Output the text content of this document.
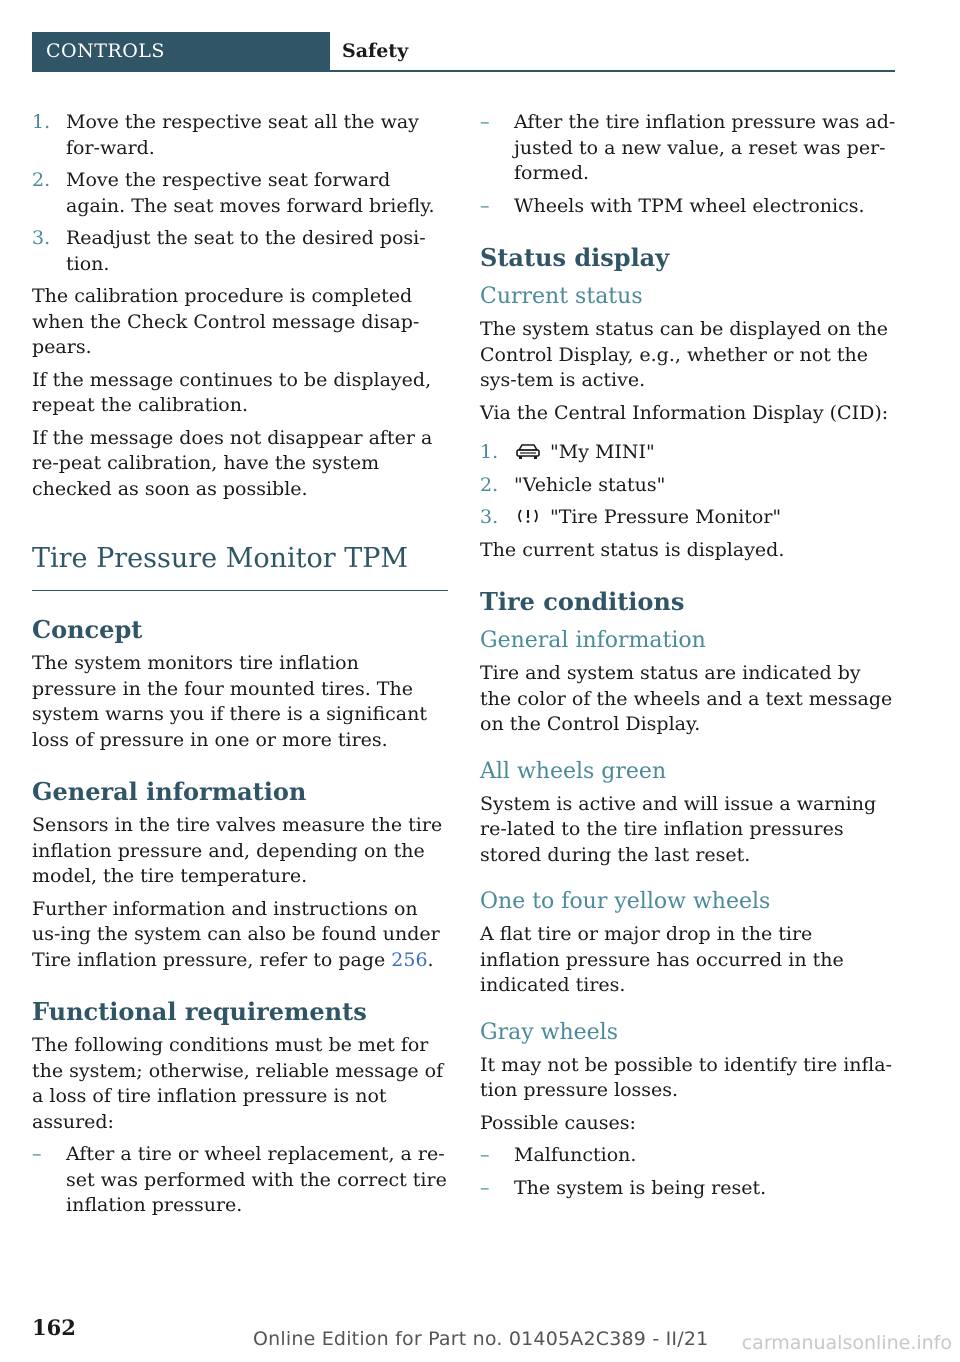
CONTROLS	Safety
1. Move the respective seat all the way for‐ward.
2. Move the respective seat forward again. The seat moves forward briefly.
3. Readjust the seat to the desired posi‐tion.

The calibration procedure is completed when the Check Control message disap‐pears.

If the message continues to be displayed, repeat the calibration.

If the message does not disappear after a re‐peat calibration, have the system checked as soon as possible.

Tire Pressure Monitor TPM
Concept

The system monitors tire inflation pressure in the four mounted tires. The system warns you if there is a significant loss of pressure in one or more tires.

General information

Sensors in the tire valves measure the tire inflation pressure and, depending on the model, the tire temperature.

Further information and instructions on us‐ing the system can also be found under Tire inflation pressure, refer to page 256.

Functional requirements

The following conditions must be met for the system; otherwise, reliable message of a loss of tire inflation pressure is not assured:

– After a tire or wheel replacement, a re‐set was performed with the correct tire inflation pressure.
– After the tire inflation pressure was ad‐justed to a new value, a reset was per‐formed.
– Wheels with TPM wheel electronics.
Status display
Current status

The system status can be displayed on the Control Display, e.g., whether or not the sys‐tem is active.

Via the Central Information Display (CID):

1.	"My MINI"
2. "Vehicle status"
3.	"Tire Pressure Monitor"

The current status is displayed.

Tire conditions
General information

Tire and system status are indicated by the color of the wheels and a text message on the Control Display.

All wheels green

System is active and will issue a warning re‐lated to the tire inflation pressures stored during the last reset.

One to four yellow wheels

A flat tire or major drop in the tire inflation pressure has occurred in the indicated tires.

Gray wheels

It may not be possible to identify tire infla‐tion pressure losses.

Possible causes:

– Malfunction.
– The system is being reset.
162	Online Edition for Part no. 01405A2C389 - II/21	carmanualsonline.info
